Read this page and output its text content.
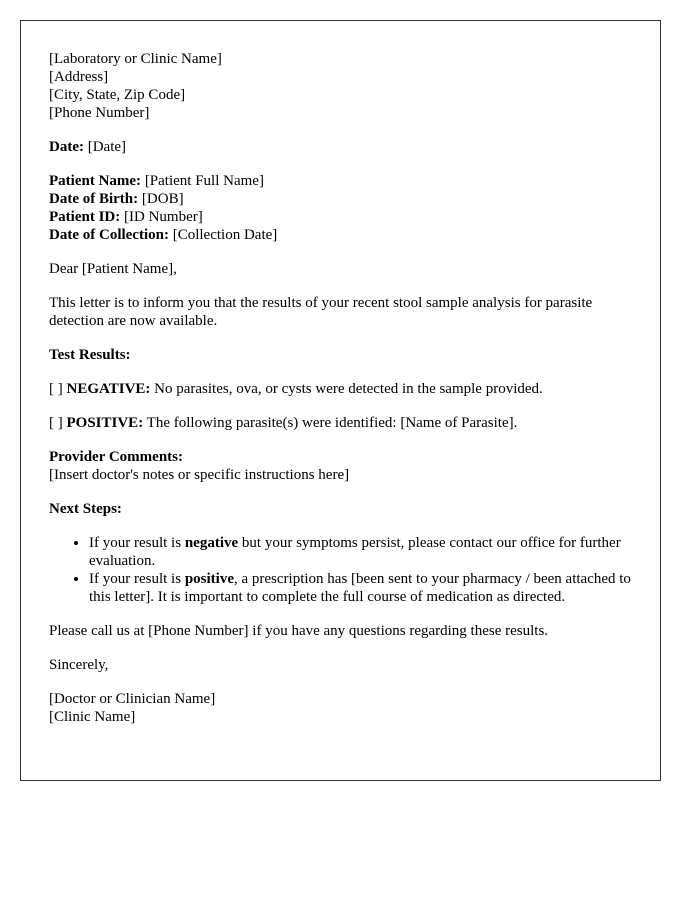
[Laboratory or Clinic Name]
[Address]
[City, State, Zip Code]
[Phone Number]
Date: [Date]
Patient Name: [Patient Full Name]
Date of Birth: [DOB]
Patient ID: [ID Number]
Date of Collection: [Collection Date]
Dear [Patient Name],
This letter is to inform you that the results of your recent stool sample analysis for parasite detection are now available.
Test Results:
[ ] NEGATIVE: No parasites, ova, or cysts were detected in the sample provided.
[ ] POSITIVE: The following parasite(s) were identified: [Name of Parasite].
Provider Comments:
[Insert doctor's notes or specific instructions here]
Next Steps:
• If your result is negative but your symptoms persist, please contact our office for further evaluation.
• If your result is positive, a prescription has [been sent to your pharmacy / been attached to this letter]. It is important to complete the full course of medication as directed.
Please call us at [Phone Number] if you have any questions regarding these results.
Sincerely,
[Doctor or Clinician Name]
[Clinic Name]
